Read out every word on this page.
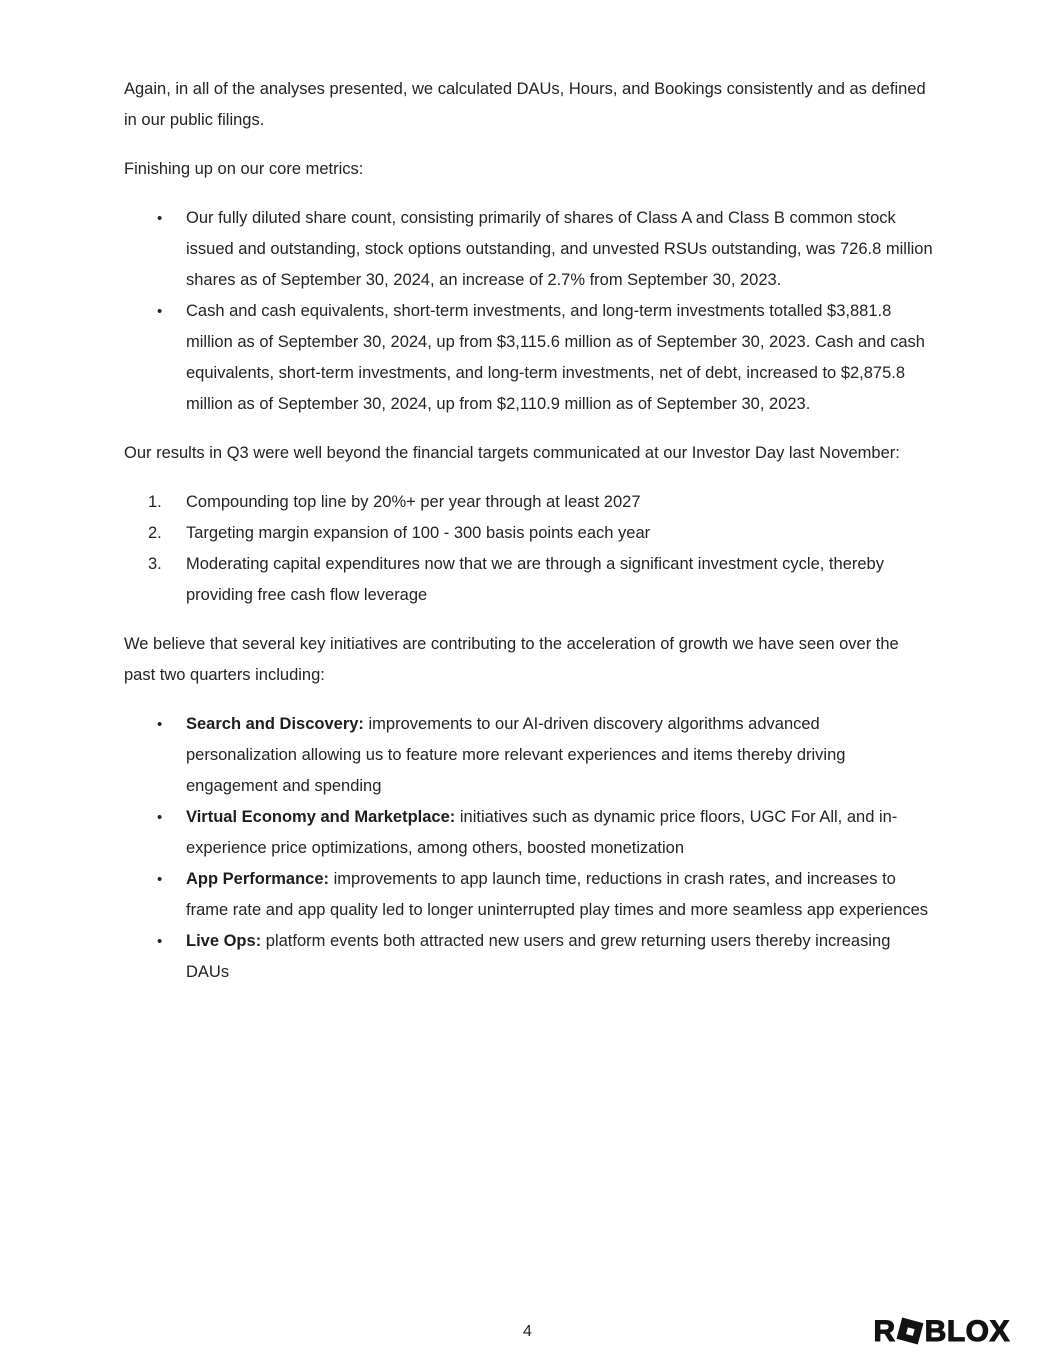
Again, in all of the analyses presented, we calculated DAUs, Hours, and Bookings consistently and as defined in our public filings.

Finishing up on our core metrics:

• Our fully diluted share count, consisting primarily of shares of Class A and Class B common stock issued and outstanding, stock options outstanding, and unvested RSUs outstanding, was 726.8 million shares as of September 30, 2024, an increase of 2.7% from September 30, 2023.
• Cash and cash equivalents, short-term investments, and long-term investments totalled $3,881.8 million as of September 30, 2024, up from $3,115.6 million as of September 30, 2023. Cash and cash equivalents, short-term investments, and long-term investments, net of debt, increased to $2,875.8 million as of September 30, 2024, up from $2,110.9 million as of September 30, 2023.

Our results in Q3 were well beyond the financial targets communicated at our Investor Day last November:

1. Compounding top line by 20%+ per year through at least 2027
2. Targeting margin expansion of 100 - 300 basis points each year
3. Moderating capital expenditures now that we are through a significant investment cycle, thereby providing free cash flow leverage

We believe that several key initiatives are contributing to the acceleration of growth we have seen over the past two quarters including:

• Search and Discovery: improvements to our AI-driven discovery algorithms advanced personalization allowing us to feature more relevant experiences and items thereby driving engagement and spending
• Virtual Economy and Marketplace: initiatives such as dynamic price floors, UGC For All, and in-experience price optimizations, among others, boosted monetization
• App Performance: improvements to app launch time, reductions in crash rates, and increases to frame rate and app quality led to longer uninterrupted play times and more seamless app experiences
• Live Ops: platform events both attracted new users and grew returning users thereby increasing DAUs
4	R BLOX
